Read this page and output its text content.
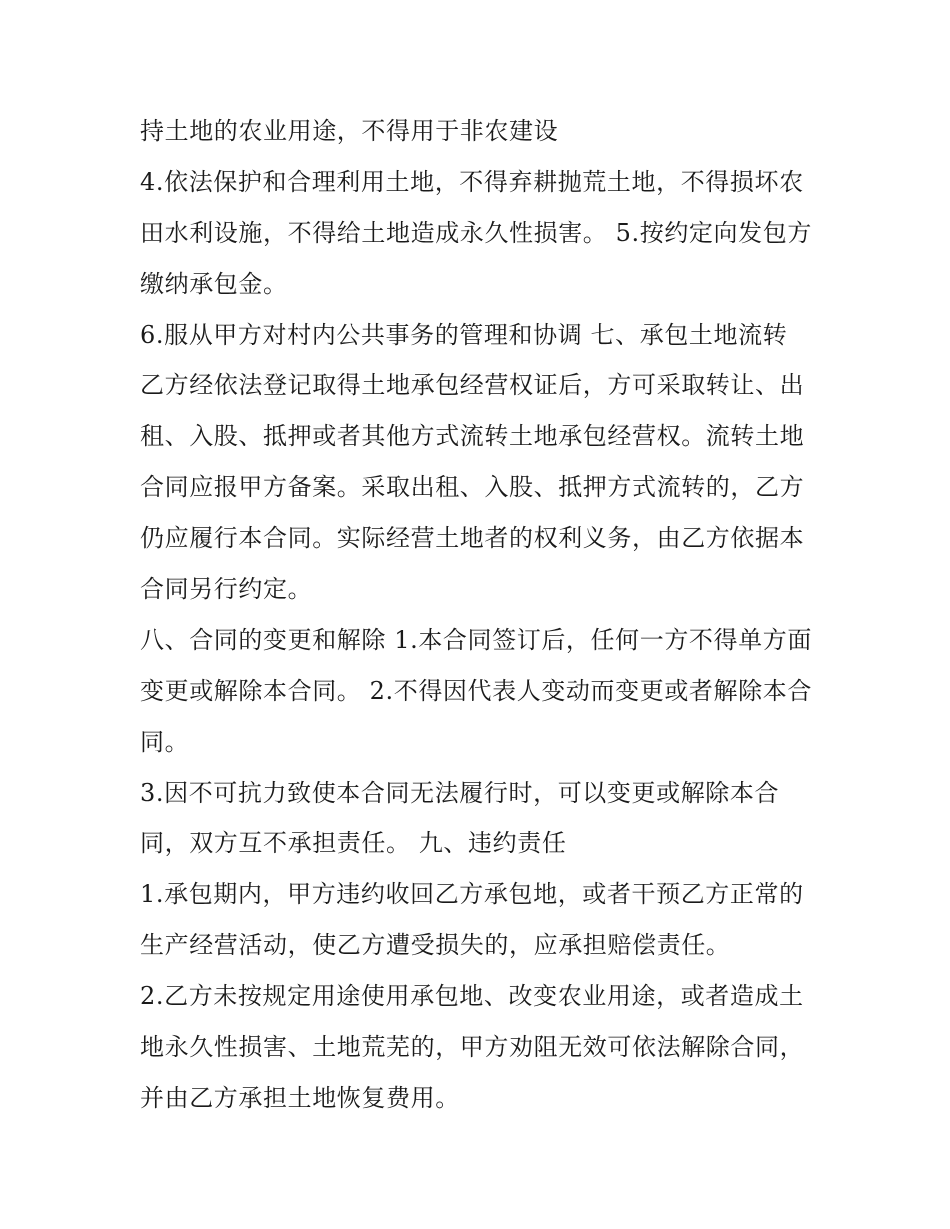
持土地的农业用途，不得用于非农建设
4.依法保护和合理利用土地，不得弃耕抛荒土地，不得损坏农
田水利设施，不得给土地造成永久性损害。 5.按约定向发包方
缴纳承包金。
6.服从甲方对村内公共事务的管理和协调 七、承包土地流转
乙方经依法登记取得土地承包经营权证后，方可采取转让、出
租、入股、抵押或者其他方式流转土地承包经营权。流转土地
合同应报甲方备案。采取出租、入股、抵押方式流转的，乙方
仍应履行本合同。实际经营土地者的权利义务，由乙方依据本
合同另行约定。
八、合同的变更和解除 1.本合同签订后，任何一方不得单方面
变更或解除本合同。 2.不得因代表人变动而变更或者解除本合
同。
3.因不可抗力致使本合同无法履行时，可以变更或解除本合
同，双方互不承担责任。 九、违约责任
1.承包期内，甲方违约收回乙方承包地，或者干预乙方正常的
生产经营活动，使乙方遭受损失的，应承担赔偿责任。
2.乙方未按规定用途使用承包地、改变农业用途，或者造成土
地永久性损害、土地荒芜的，甲方劝阻无效可依法解除合同，
并由乙方承担土地恢复费用。
